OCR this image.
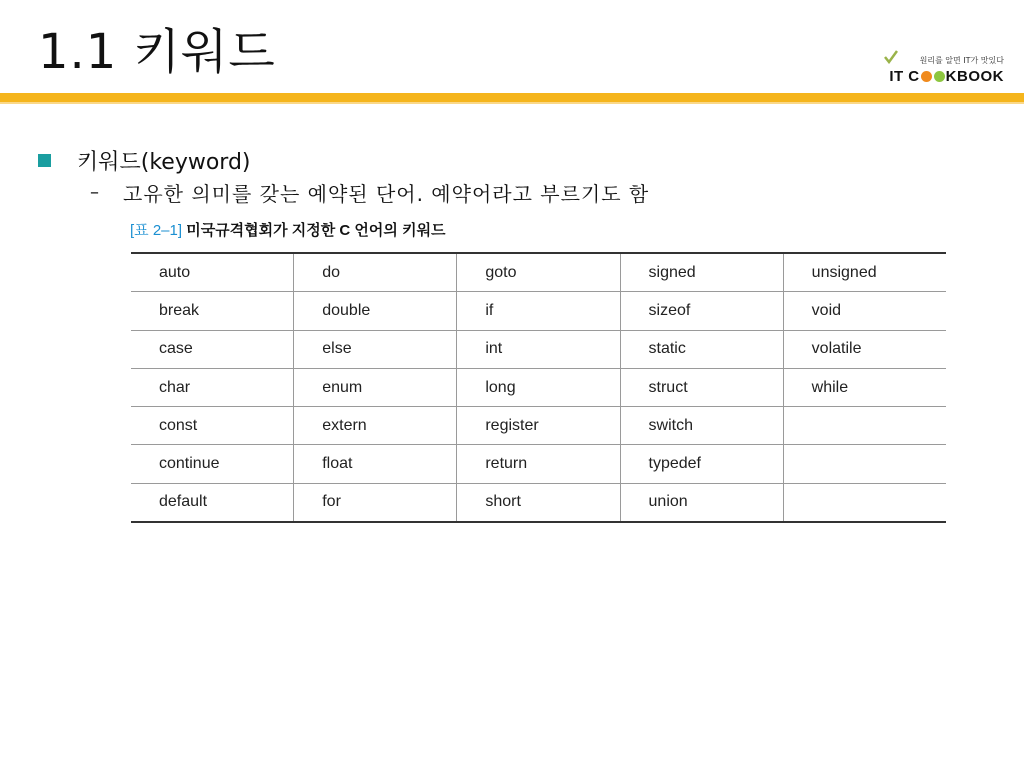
1.1 키워드	원리를 알면 IT가 맛있다
IT C KBOOK
키워드(keyword)
– 고유한 의미를 갖는 예약된 단어. 예약어라고 부르기도 함
[표 2–1] 미국규격협회가 지정한 C 언어의 키워드
auto	do	goto	signed	unsigned
break	double	if	sizeof	void
case	else	int	static	volatile
char	enum	long	struct	while
const	extern	register	switch	
continue	float	return	typedef	
default	for	short	union	
